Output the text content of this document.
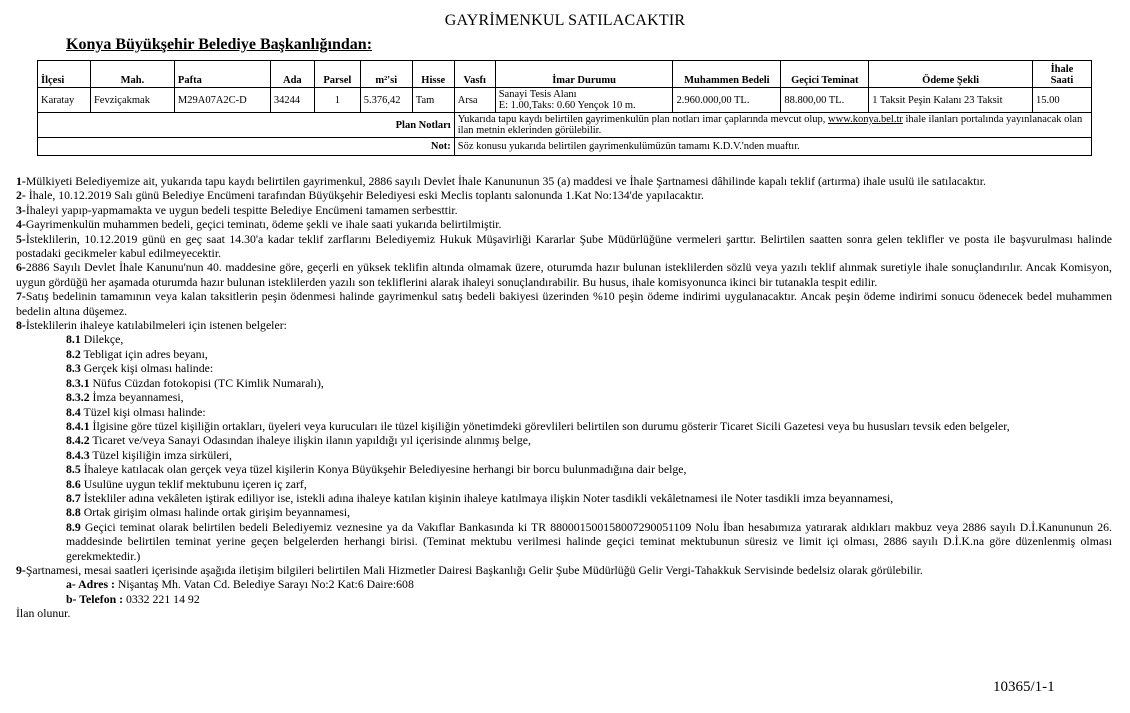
GAYRİMENKUL SATILACAKTIR
Konya Büyükşehir Belediye Başkanlığından:
İlçesi	Mah.	Pafta	Ada	Parsel	m²'si	Hisse	Vasfı	İmar Durumu	Muhammen Bedeli	Geçici Teminat	Ödeme Şekli	İhale
Saati
Karatay	Fevziçakmak	M29A07A2C-D	34244	1	5.376,42	Tam	Arsa	Sanayi Tesis Alanı
E: 1.00,Taks: 0.60 Yençok 10 m.	2.960.000,00 TL.	88.800,00 TL.	1 Taksit Peşin Kalanı 23 Taksit	15.00
Plan Notları							Yukarıda tapu kaydı belirtilen gayrimenkulün plan notları imar çaplarında mevcut olup, www.konya.bel.tr ihale ilanları portalında yayınlanacak olan ilan metnin eklerinden görülebilir.					
Not:							Söz konusu yukarıda belirtilen gayrimenkulümüzün tamamı K.D.V.'nden muaftır.					

1-Mülkiyeti Belediyemize ait, yukarıda tapu kaydı belirtilen gayrimenkul, 2886 sayılı Devlet İhale Kanununun 35 (a) maddesi ve İhale Şartnamesi dâhilinde kapalı teklif (artırma) ihale usulü ile satılacaktır.

2- İhale, 10.12.2019 Salı günü Belediye Encümeni tarafından Büyükşehir Belediyesi eski Meclis toplantı salonunda 1.Kat No:134'de yapılacaktır.

3-İhaleyi yapıp-yapmamakta ve uygun bedeli tespitte Belediye Encümeni tamamen serbesttir.

4-Gayrimenkulün muhammen bedeli, geçici teminatı, ödeme şekli ve ihale saati yukarıda belirtilmiştir.

5-İsteklilerin, 10.12.2019 günü en geç saat 14.30'a kadar teklif zarflarını Belediyemiz Hukuk Müşavirliği Kararlar Şube Müdürlüğüne vermeleri şarttır. Belirtilen saatten sonra gelen teklifler ve posta ile başvurulması halinde postadaki gecikmeler kabul edilmeyecektir.

6-2886 Sayılı Devlet İhale Kanunu'nun 40. maddesine göre, geçerli en yüksek teklifin altında olmamak üzere, oturumda hazır bulunan isteklilerden sözlü veya yazılı teklif alınmak suretiyle ihale sonuçlandırılır. Ancak Komisyon, uygun gördüğü her aşamada oturumda hazır bulunan isteklilerden yazılı son tekliflerini alarak ihaleyi sonuçlandırabilir. Bu husus, ihale komisyonunca ikinci bir tutanakla tespit edilir.

7-Satış bedelinin tamamının veya kalan taksitlerin peşin ödenmesi halinde gayrimenkul satış bedeli bakiyesi üzerinden %10 peşin ödeme indirimi uygulanacaktır. Ancak peşin ödeme indirimi sonucu ödenecek bedel muhammen bedelin altına düşemez.

8-İsteklilerin ihaleye katılabilmeleri için istenen belgeler:

8.1 Dilekçe,

8.2 Tebligat için adres beyanı,

8.3 Gerçek kişi olması halinde:

8.3.1 Nüfus Cüzdan fotokopisi (TC Kimlik Numaralı),

8.3.2 İmza beyannamesi,

8.4 Tüzel kişi olması halinde:

8.4.1 İlgisine göre tüzel kişiliğin ortakları, üyeleri veya kurucuları ile tüzel kişiliğin yönetimdeki görevlileri belirtilen son durumu gösterir Ticaret Sicili Gazetesi veya bu hususları tevsik eden belgeler,

8.4.2 Ticaret ve/veya Sanayi Odasından ihaleye ilişkin ilanın yapıldığı yıl içerisinde alınmış belge,

8.4.3 Tüzel kişiliğin imza sirküleri,

8.5 İhaleye katılacak olan gerçek veya tüzel kişilerin Konya Büyükşehir Belediyesine herhangi bir borcu bulunmadığına dair belge,

8.6 Usulüne uygun teklif mektubunu içeren iç zarf,

8.7 İstekliler adına vekâleten iştirak ediliyor ise, istekli adına ihaleye katılan kişinin ihaleye katılmaya ilişkin Noter tasdikli vekâletnamesi ile Noter tasdikli imza beyannamesi,

8.8 Ortak girişim olması halinde ortak girişim beyannamesi,

8.9 Geçici teminat olarak belirtilen bedeli Belediyemiz veznesine ya da Vakıflar Bankasında ki TR 880001500158007290051109 Nolu İban hesabımıza yatırarak aldıkları makbuz veya 2886 sayılı D.İ.Kanununun 26. maddesinde belirtilen teminat yerine geçen belgelerden herhangi birisi. (Teminat mektubu verilmesi halinde geçici teminat mektubunun süresiz ve limit içi olması, 2886 sayılı D.İ.K.na göre düzenlenmiş olması gerekmektedir.)

9-Şartnamesi, mesai saatleri içerisinde aşağıda iletişim bilgileri belirtilen Mali Hizmetler Dairesi Başkanlığı Gelir Şube Müdürlüğü Gelir Vergi-Tahakkuk Servisinde bedelsiz olarak görülebilir.

a- Adres : Nişantaş Mh. Vatan Cd. Belediye Sarayı No:2 Kat:6 Daire:608

b- Telefon : 0332 221 14 92

İlan olunur.

10365/1-1
